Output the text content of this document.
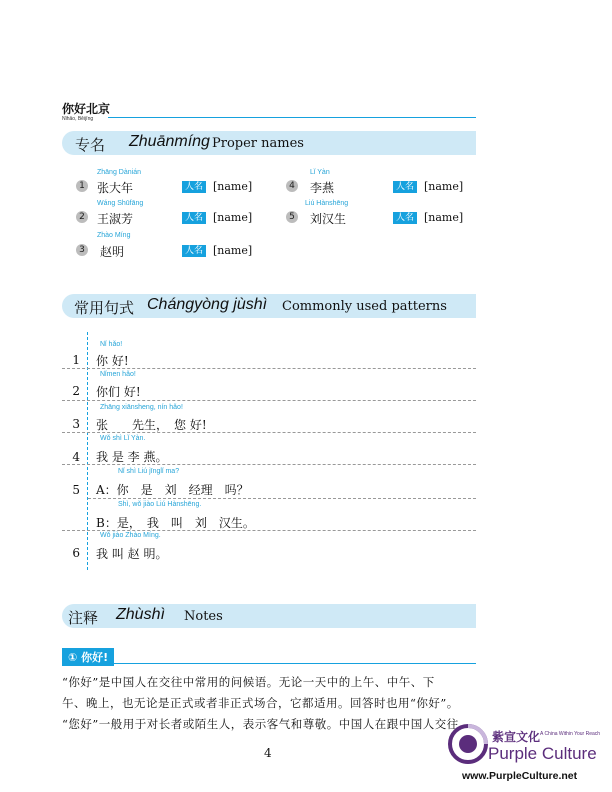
你好北京
Nǐhǎo, Běijīng
专名 Zhuānmíng Proper names
1
Zhāng Dànián
张大年	人名 [name]
2
Wáng Shūfāng
王淑芳	人名 [name]
3
Zhào Míng
赵明	人名 [name]
4
Lǐ Yàn
李燕	人名 [name]
5
Liú Hànshēng
刘汉生	人名 [name]
常用句式 Chángyòng jùshì Commonly used patterns
Nǐ hǎo!
1 你 好!
Nǐmen hǎo!
2 你们 好!
Zhāng xiānsheng, nín hǎo!
3 张　　先生，　您 好!
Wǒ shì Lǐ Yàn.
4 我 是 李 燕。
Nǐ shì Liú jīnglǐ ma?
5 A：你　是　刘　经理　吗？
Shì, wǒ jiào Liú Hànshēng.
B：是，　我　叫　刘　汉生。
Wǒ jiào Zhào Míng.
6 我 叫 赵 明。
注释 Zhùshì Notes
① 你好!
“你好”是中国人在交往中常用的问候语。无论一天中的上午、中午、下
午、晚上，也无论是正式或者非正式场合，它都适用。回答时也用“你好”。
“您好”一般用于对长者或陌生人，表示客气和尊敬。中国人在跟中国人交往
4
紫宣文化 A China Within Your Reach
Purple Culture
www.PurpleCulture.net
